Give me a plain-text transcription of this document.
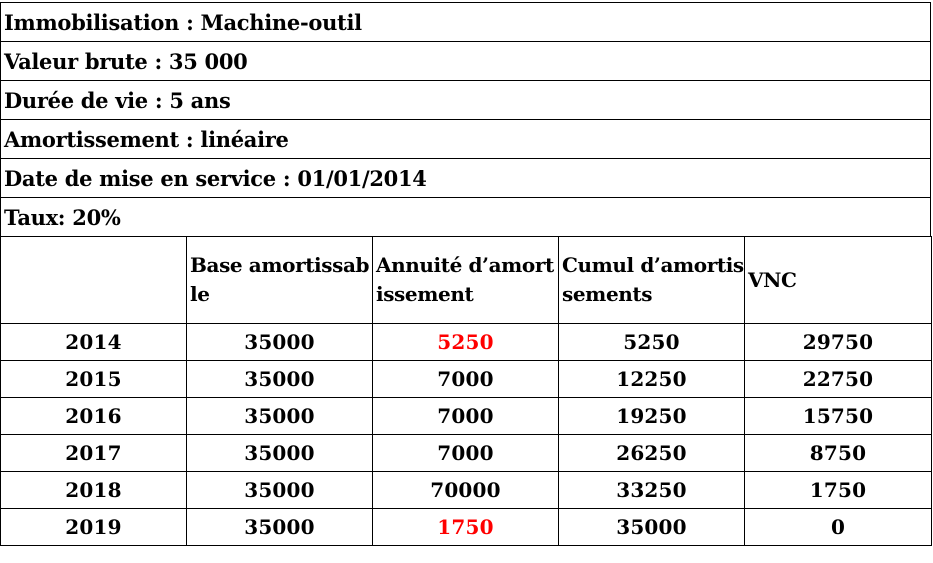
Immobilisation : Machine-outil
Valeur brute : 35 000
Durée de vie : 5 ans
Amortissement : linéaire
Date de mise en service : 01/01/2014
Taux: 20%
	Base amortissable	Annuité d’amortissement	Cumul d’amortissements	VNC
2014	35000	5250	5250	29750
2015	35000	7000	12250	22750
2016	35000	7000	19250	15750
2017	35000	7000	26250	8750
2018	35000	70000	33250	1750
2019	35000	1750	35000	0
